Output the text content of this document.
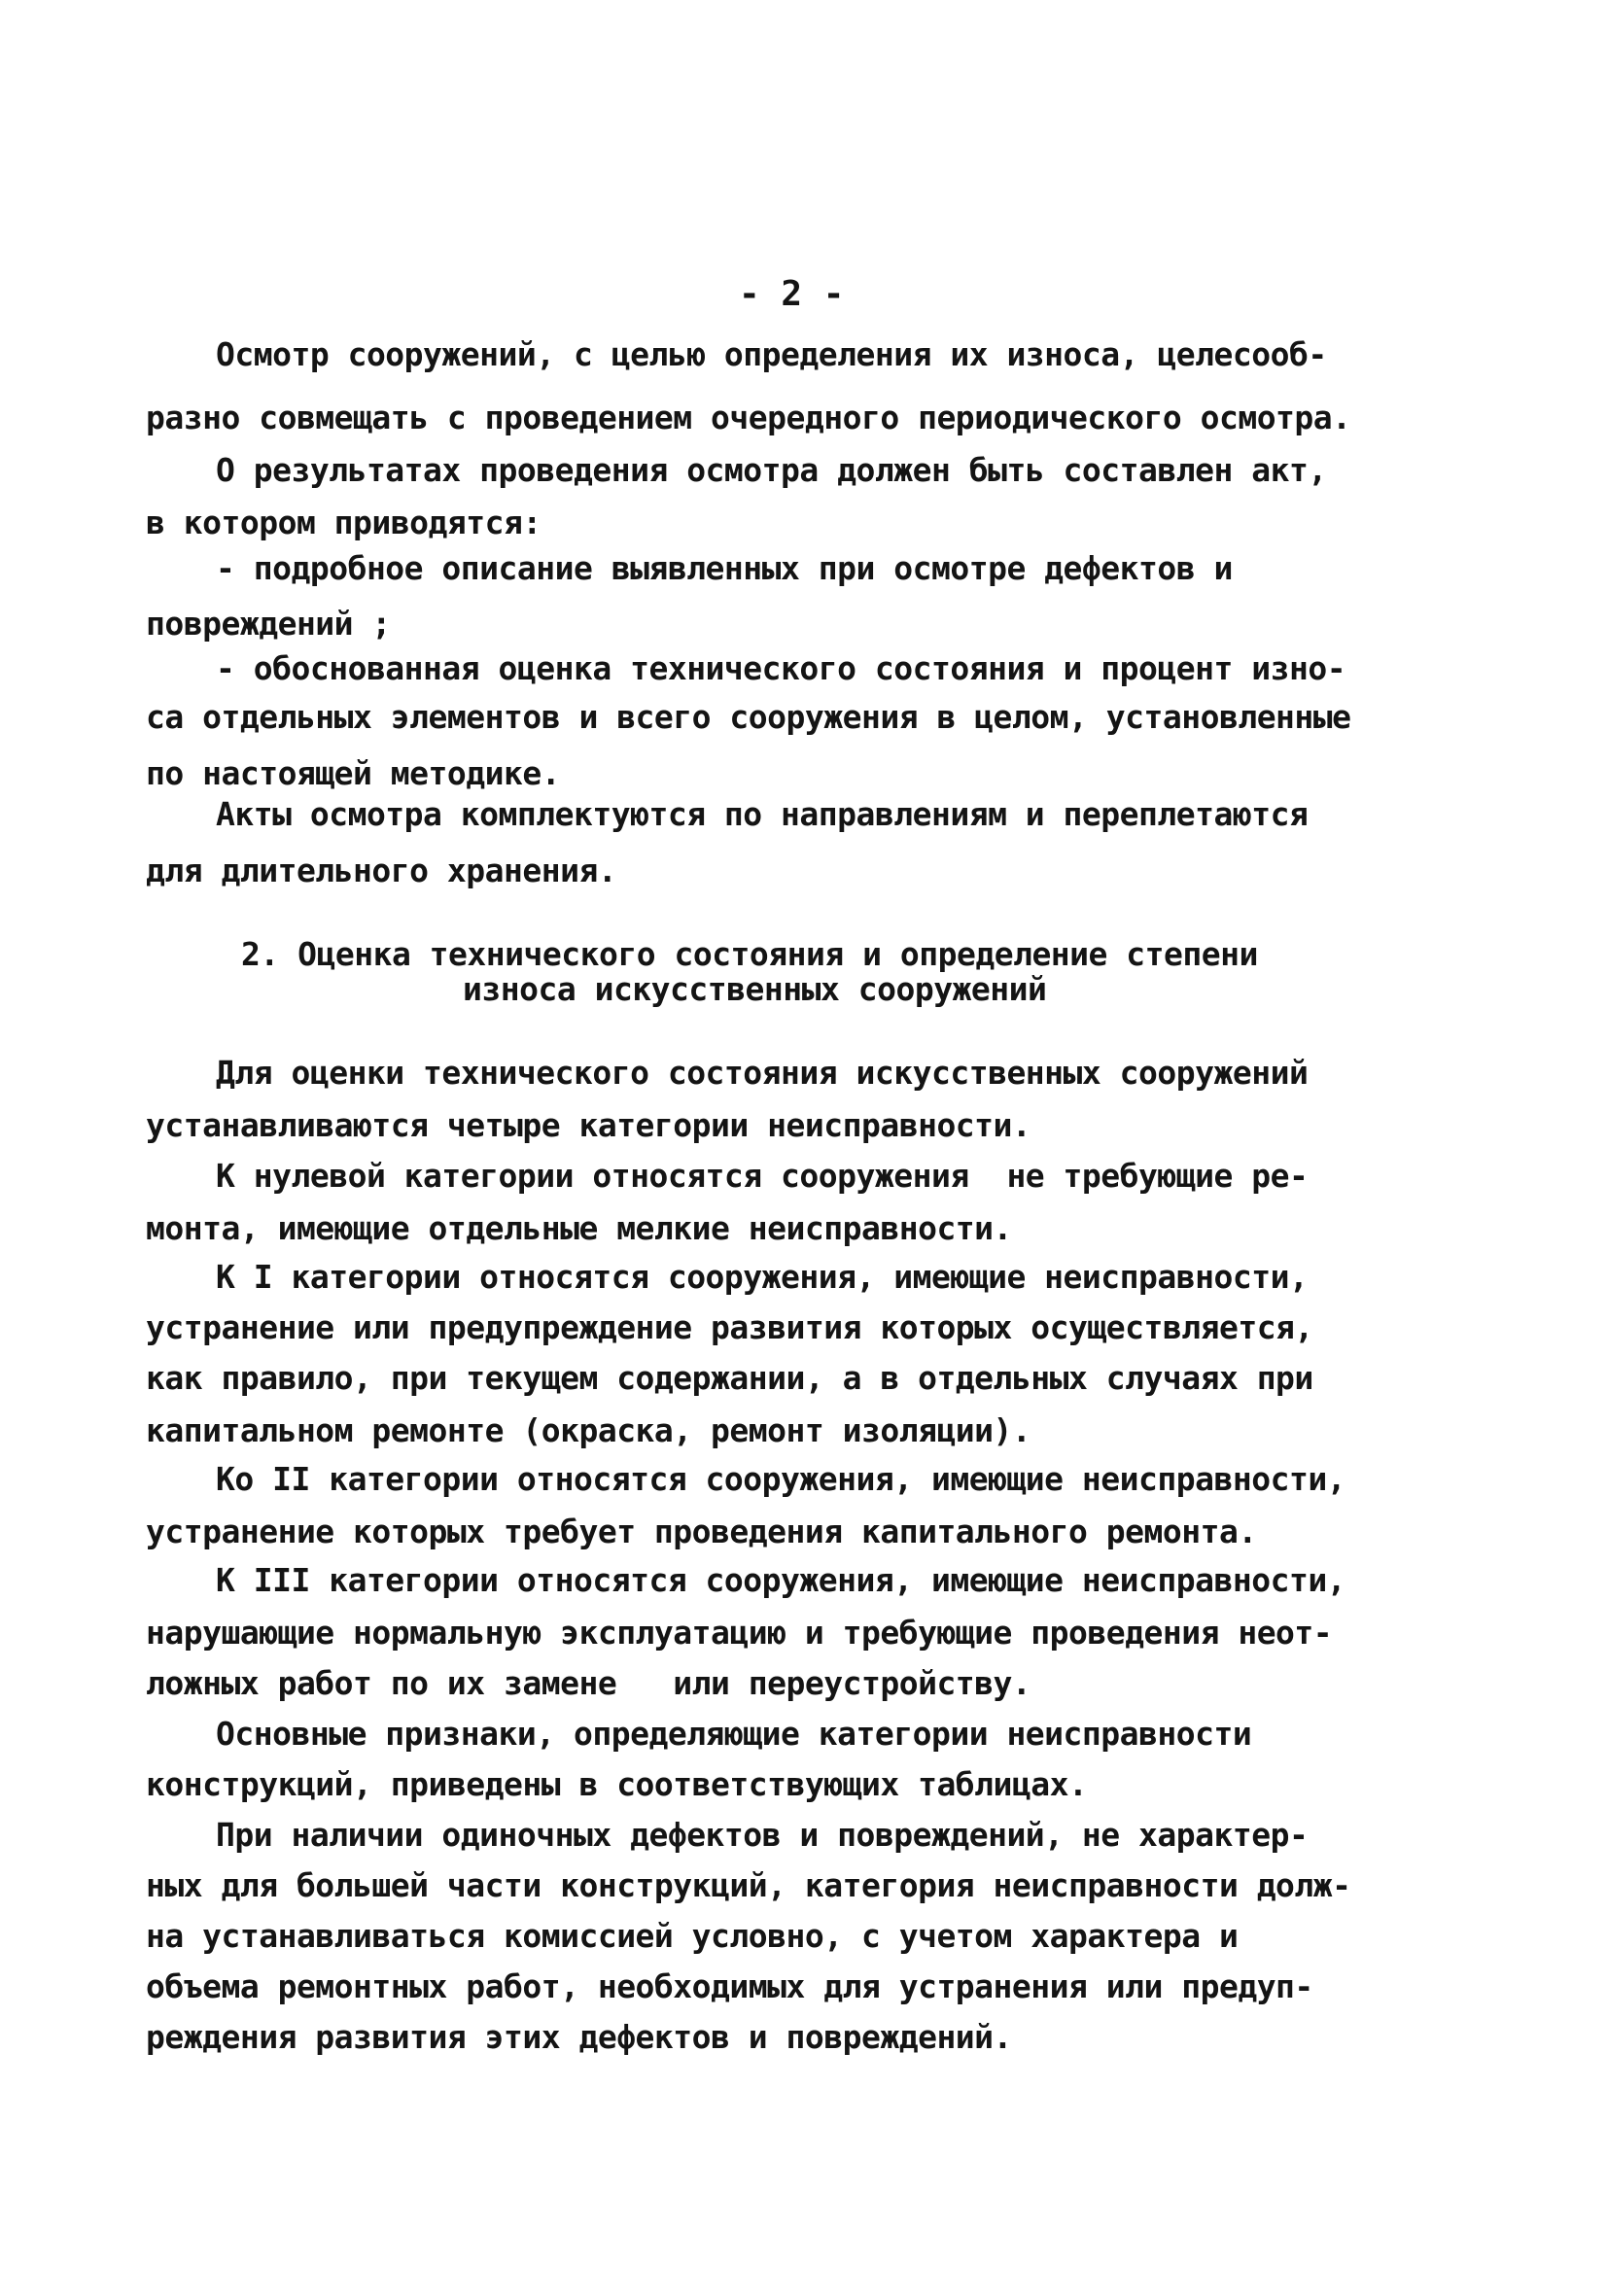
- 2 -
Осмотр сооружений, с целью определения их износа, целесооб-
разно совмещать с проведением очередного периодического осмотра.
О результатах проведения осмотра должен быть составлен акт,
в котором приводятся:
- подробное описание выявленных при осмотре дефектов и
повреждений ;
- обоснованная оценка технического состояния и процент изно-
са отдельных элементов и всего сооружения в целом, установленные
по настоящей методике.
Акты осмотра комплектуются по направлениям и переплетаются
для длительного хранения.
2. Оценка технического состояния и определение степени
износа искусственных сооружений
Для оценки технического состояния искусственных сооружений
устанавливаются четыре категории неисправности.
К нулевой категории относятся сооружения  не требующие ре-
монта, имеющие отдельные мелкие неисправности.
К I категории относятся сооружения, имеющие неисправности,
устранение или предупреждение развития которых осуществляется,
как правило, при текущем содержании, а в отдельных случаях при
капитальном ремонте (окраска, ремонт изоляции).
Ко II категории относятся сооружения, имеющие неисправности,
устранение которых требует проведения капитального ремонта.
К III категории относятся сооружения, имеющие неисправности,
нарушающие нормальную эксплуатацию и требующие проведения неот-
ложных работ по их замене   или переустройству.
Основные признаки, определяющие категории неисправности
конструкций, приведены в соответствующих таблицах.
При наличии одиночных дефектов и повреждений, не характер-
ных для большей части конструкций, категория неисправности долж-
на устанавливаться комиссией условно, с учетом характера и
объема ремонтных работ, необходимых для устранения или предуп-
реждения развития этих дефектов и повреждений.
